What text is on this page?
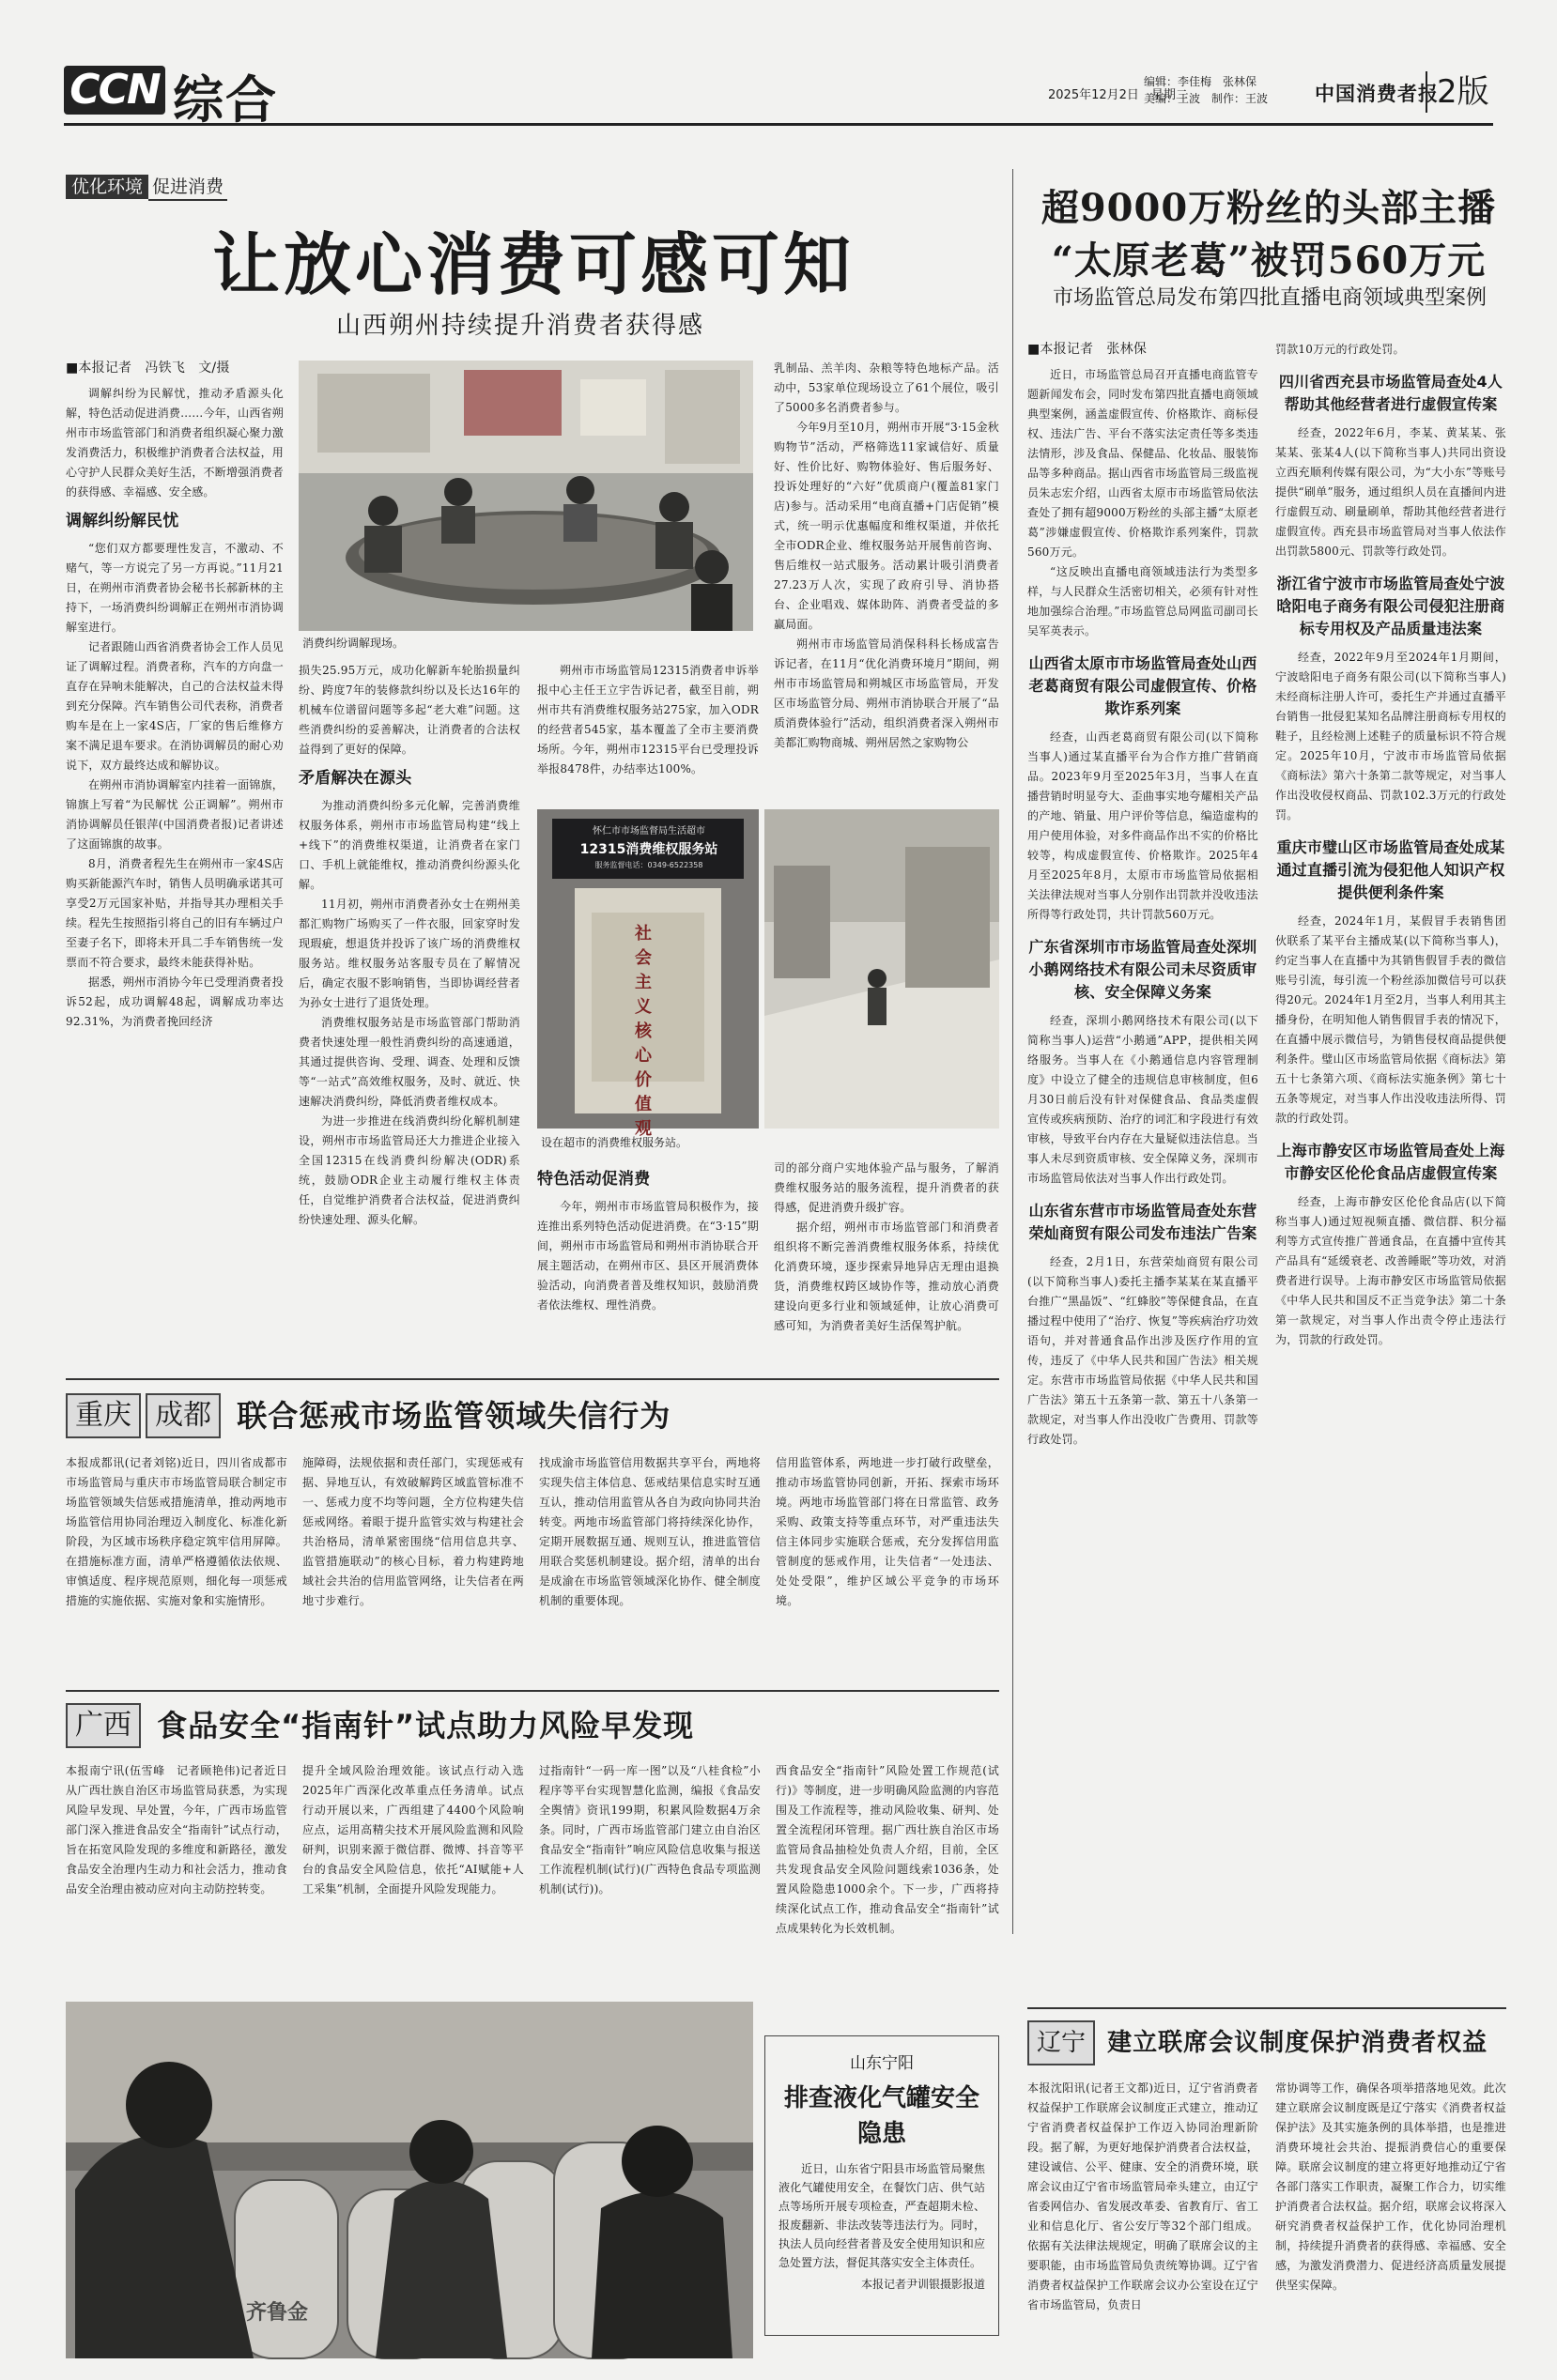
CCN 综合	2025年12月2日　星期二
编辑：李佳梅　张林保
美编：王波　制作：王波 中国消费者报
2版
优化环境 促进消费
让放心消费可感可知
山西朔州持续提升消费者获得感
■本报记者　冯铁飞　文/摄

调解纠纷为民解忧，推动矛盾源头化解，特色活动促进消费……今年，山西省朔州市市场监管部门和消费者组织凝心聚力激发消费活力，积极维护消费者合法权益，用心守护人民群众美好生活，不断增强消费者的获得感、幸福感、安全感。

调解纠纷解民忧

“您们双方都要理性发言，不激动、不赌气，等一方说完了另一方再说。”11月21日，在朔州市消费者协会秘书长郝新林的主持下，一场消费纠纷调解正在朔州市消协调解室进行。

记者跟随山西省消费者协会工作人员见证了调解过程。消费者称，汽车的方向盘一直存在异响未能解决，自己的合法权益未得到充分保障。汽车销售公司代表称，消费者购车是在上一家4S店，厂家的售后维修方案不满足退车要求。在消协调解员的耐心劝说下，双方最终达成和解协议。

在朔州市消协调解室内挂着一面锦旗，锦旗上写着“为民解忧 公正调解”。朔州市消协调解员任银萍(中国消费者报)记者讲述了这面锦旗的故事。

8月，消费者程先生在朔州市一家4S店购买新能源汽车时，销售人员明确承诺其可享受2万元国家补贴，并指导其办理相关手续。程先生按照指引将自己的旧有车辆过户至妻子名下，即将未开具二手车销售统一发票而不符合要求，最终未能获得补贴。

据悉，朔州市消协今年已受理消费者投诉52起，成功调解48起，调解成功率达92.31%，为消费者挽回经济

消费纠纷调解现场。

损失25.95万元，成功化解新车轮胎损量纠纷、跨度7年的装修款纠纷以及长达16年的机械车位谱留问题等多起“老大难”问题。这些消费纠纷的妥善解决，让消费者的合法权益得到了更好的保障。

矛盾解决在源头

为推动消费纠纷多元化解，完善消费维权服务体系，朔州市市场监管局构建“线上+线下”的消费维权渠道，让消费者在家门口、手机上就能维权，推动消费纠纷源头化解。

11月初，朔州市消费者孙女士在朔州美都汇购物广场购买了一件衣服，回家穿时发现瑕疵，想退货并投诉了该广场的消费维权服务站。维权服务站客服专员在了解情况后，确定衣服不影响销售，当即协调经营者为孙女士进行了退货处理。

消费维权服务站是市场监管部门帮助消费者快速处理一般性消费纠纷的高速通道，其通过提供咨询、受理、调查、处理和反馈等“一站式”高效维权服务，及时、就近、快速解决消费纠纷，降低消费者维权成本。

为进一步推进在线消费纠纷化解机制建设，朔州市市场监管局还大力推进企业接入全国12315在线消费纠纷解决(ODR)系统，鼓励ODR企业主动履行维权主体责任，自觉维护消费者合法权益，促进消费纠纷快速处理、源头化解。

朔州市市场监管局12315消费者申诉举报中心主任王立宇告诉记者，截至目前，朔州市共有消费维权服务站275家，加入ODR的经营者545家，基本覆盖了全市主要消费场所。今年，朔州市12315平台已受理投诉举报8478件，办结率达100%。

怀仁市市场监督局生活超市
12315消费维权服务站
服务监督电话：0349-6522358
社会主义核心价值观
设在超市的消费维权服务站。
特色活动促消费

今年，朔州市市场监管局积极作为，接连推出系列特色活动促进消费。在“3·15”期间，朔州市市场监管局和朔州市消协联合开展主题活动，在朔州市区、县区开展消费体验活动，向消费者普及维权知识，鼓励消费者依法维权、理性消费。

乳制品、羔羊肉、杂粮等特色地标产品。活动中，53家单位现场设立了61个展位，吸引了5000多名消费者参与。

今年9月至10月，朔州市开展“3·15金秋购物节”活动，严格筛选11家诚信好、质量好、性价比好、购物体验好、售后服务好、投诉处理好的“六好”优质商户(覆盖81家门店)参与。活动采用“电商直播+门店促销”模式，统一明示优惠幅度和维权渠道，并依托全市ODR企业、维权服务站开展售前咨询、售后维权一站式服务。活动累计吸引消费者27.23万人次，实现了政府引导、消协搭台、企业唱戏、媒体助阵、消费者受益的多赢局面。

朔州市市场监管局消保科科长杨成富告诉记者，在11月“优化消费环境月”期间，朔州市市场监管局和朔城区市场监管局，开发区市场监管分局、朔州市消协联合开展了“品质消费体验行”活动，组织消费者深入朔州市美都汇购物商城、朔州居然之家购物公

司的部分商户实地体验产品与服务，了解消费维权服务站的服务流程，提升消费者的获得感，促进消费升级扩容。

据介绍，朔州市市场监管部门和消费者组织将不断完善消费维权服务体系，持续优化消费环境，逐步探索异地异店无理由退换货，消费维权跨区域协作等，推动放心消费建设向更多行业和领域延伸，让放心消费可感可知，为消费者美好生活保驾护航。

超9000万粉丝的头部主播
“太原老葛”被罚560万元
市场监管总局发布第四批直播电商领域典型案例
■本报记者　张林保

近日，市场监管总局召开直播电商监管专题新闻发布会，同时发布第四批直播电商领域典型案例，涵盖虚假宣传、价格欺诈、商标侵权、违法广告、平台不落实法定责任等多类违法情形，涉及食品、保健品、化妆品、服装饰品等多种商品。据山西省市场监管局三级监视员朱志宏介绍，山西省太原市市场监管局依法查处了拥有超9000万粉丝的头部主播“太原老葛”涉嫌虚假宣传、价格欺诈系列案件，罚款560万元。

“这反映出直播电商领域违法行为类型多样，与人民群众生活密切相关，必须有针对性地加强综合治理。”市场监管总局网监司副司长吴军英表示。

山西省太原市市场监管局查处山西老葛商贸有限公司虚假宣传、价格欺诈系列案

经查，山西老葛商贸有限公司(以下简称当事人)通过某直播平台为合作方推广营销商品。2023年9月至2025年3月，当事人在直播营销时明显夸大、歪曲事实地夸耀相关产品的产地、销量、用户评价等信息，编造虚构的用户使用体验，对多件商品作出不实的价格比较等，构成虚假宣传、价格欺诈。2025年4月至2025年8月，太原市市场监管局依据相关法律法规对当事人分别作出罚款并没收违法所得等行政处罚，共计罚款560万元。

广东省深圳市市场监管局查处深圳小鹅网络技术有限公司未尽资质审核、安全保障义务案

经查，深圳小鹅网络技术有限公司(以下简称当事人)运营“小鹅通”APP，提供相关网络服务。当事人在《小鹅通信息内容管理制度》中设立了健全的违规信息审核制度，但6月30日前后没有针对保健食品、食品类虚假宣传或疾病预防、治疗的词汇和字段进行有效审核，导致平台内存在大量疑似违法信息。当事人未尽到资质审核、安全保障义务，深圳市市场监管局依法对当事人作出行政处罚。

山东省东营市市场监管局查处东营荣灿商贸有限公司发布违法广告案

经查，2月1日，东营荣灿商贸有限公司(以下简称当事人)委托主播李某某在某直播平台推广“黑晶饭”、“红蜂胶”等保健食品，在直播过程中使用了“治疗、恢复”等疾病治疗功效语句，并对普通食品作出涉及医疗作用的宣传，违反了《中华人民共和国广告法》相关规定。东营市市场监管局依据《中华人民共和国广告法》第五十五条第一款、第五十八条第一款规定，对当事人作出没收广告费用、罚款等行政处罚。

罚款10万元的行政处罚。

四川省西充县市场监管局查处4人帮助其他经营者进行虚假宣传案

经查，2022年6月，李某、黄某某、张某某、张某4人(以下简称当事人)共同出资设立西充顺利传媒有限公司，为“大小东”等账号提供“刷单”服务，通过组织人员在直播间内进行虚假互动、刷量刷单，帮助其他经营者进行虚假宣传。西充县市场监管局对当事人依法作出罚款5800元、罚款等行政处罚。

浙江省宁波市市场监管局查处宁波晗阳电子商务有限公司侵犯注册商标专用权及产品质量违法案

经查，2022年9月至2024年1月期间，宁波晗阳电子商务有限公司(以下简称当事人)未经商标注册人许可，委托生产并通过直播平台销售一批侵犯某知名品牌注册商标专用权的鞋子，且经检测上述鞋子的质量标识不符合规定。2025年10月，宁波市市场监管局依据《商标法》第六十条第二款等规定，对当事人作出没收侵权商品、罚款102.3万元的行政处罚。

重庆市璧山区市场监管局查处成某通过直播引流为侵犯他人知识产权提供便利条件案

经查，2024年1月，某假冒手表销售团伙联系了某平台主播成某(以下简称当事人)，约定当事人在直播中为其销售假冒手表的微信账号引流，每引流一个粉丝添加微信号可以获得20元。2024年1月至2月，当事人利用其主播身份，在明知他人销售假冒手表的情况下，在直播中展示微信号，为销售侵权商品提供便利条件。璧山区市场监管局依据《商标法》第五十七条第六项、《商标法实施条例》第七十五条等规定，对当事人作出没收违法所得、罚款的行政处罚。

上海市静安区市场监管局查处上海市静安区伦伦食品店虚假宣传案

经查，上海市静安区伦伦食品店(以下简称当事人)通过短视频直播、微信群、积分福利等方式宣传推广普通食品，在直播中宣传其产品具有“延缓衰老、改善睡眠”等功效，对消费者进行误导。上海市静安区市场监管局依据《中华人民共和国反不正当竞争法》第二十条第一款规定，对当事人作出责令停止违法行为，罚款的行政处罚。

重庆 成都 联合惩戒市场监管领域失信行为
本报成都讯(记者刘铭)近日，四川省成都市市场监管局与重庆市市场监管局联合制定市场监管领域失信惩戒措施清单，推动两地市场监管信用协同治理迈入制度化、标准化新阶段，为区域市场秩序稳定筑牢信用屏障。在措施标准方面，清单严格遵循依法依规、审慎适度、程序规范原则，细化每一项惩戒措施的实施依据、实施对象和实施情形。
施障碍，法规依据和责任部门，实现惩戒有据、异地互认，有效破解跨区域监管标准不一、惩戒力度不均等问题，全方位构建失信惩戒网络。着眼于提升监管实效与构建社会共治格局，清单紧密围绕“信用信息共享、监管措施联动”的核心目标，着力构建跨地域社会共治的信用监管网络，让失信者在两地寸步难行。
找成渝市场监管信用数据共享平台，两地将实现失信主体信息、惩戒结果信息实时互通互认，推动信用监管从各自为政向协同共治转变。两地市场监管部门将持续深化协作，定期开展数据互通、规则互认，推进监管信用联合奖惩机制建设。据介绍，清单的出台是成渝在市场监管领域深化协作、健全制度机制的重要体现。
信用监管体系，两地进一步打破行政壁垒，推动市场监管协同创新，开拓、探索市场环境。两地市场监管部门将在日常监管、政务采购、政策支持等重点环节，对严重违法失信主体同步实施联合惩戒，充分发挥信用监管制度的惩戒作用，让失信者“一处违法、处处受限”，维护区域公平竞争的市场环境。
广西 食品安全“指南针”试点助力风险早发现
本报南宁讯(伍雪峰　记者顾艳伟)记者近日从广西壮族自治区市场监管局获悉，为实现风险早发现、早处置，今年，广西市场监管部门深入推进食品安全“指南针”试点行动，旨在拓宽风险发现的多维度和新路径，激发食品安全治理内生动力和社会活力，推动食品安全治理由被动应对向主动防控转变。
提升全域风险治理效能。该试点行动入选2025年广西深化改革重点任务清单。试点行动开展以来，广西组建了4400个风险响应点，运用高精尖技术开展风险监测和风险研判，识别来源于微信群、微博、抖音等平台的食品安全风险信息，依托“AI赋能+人工采集”机制，全面提升风险发现能力。
过指南针“一码一库一图”以及“八桂食检”小程序等平台实现智慧化监测，编报《食品安全舆情》资讯199期，积累风险数据4万余条。同时，广西市场监管部门建立由自治区食品安全“指南针”响应风险信息收集与报送工作流程机制(试行)(广西特色食品专项监测机制(试行))。
西食品安全“指南针”风险处置工作规范(试行)》等制度，进一步明确风险监测的内容范围及工作流程等，推动风险收集、研判、处置全流程闭环管理。据广西壮族自治区市场监管局食品抽检处负责人介绍，目前，全区共发现食品安全风险问题线索1036条，处置风险隐患1000余个。下一步，广西将持续深化试点工作，推动食品安全“指南针”试点成果转化为长效机制。
齐鲁金
山东宁阳
排查液化气罐安全隐患

近日，山东省宁阳县市场监管局聚焦液化气罐使用安全，在餐饮门店、供气站点等场所开展专项检查，严查超期未检、报废翻新、非法改装等违法行为。同时，执法人员向经营者普及安全使用知识和应急处置方法，督促其落实安全主体责任。

本报记者尹训银摄影报道
辽宁 建立联席会议制度保护消费者权益
本报沈阳讯(记者王文都)近日，辽宁省消费者权益保护工作联席会议制度正式建立，推动辽宁省消费者权益保护工作迈入协同治理新阶段。据了解，为更好地保护消费者合法权益，建设诚信、公平、健康、安全的消费环境，联席会议由辽宁省市场监管局牵头建立，由辽宁省委网信办、省发展改革委、省教育厅、省工业和信息化厅、省公安厅等32个部门组成。依据有关法律法规规定，明确了联席会议的主要职能，由市场监管局负责统筹协调。辽宁省消费者权益保护工作联席会议办公室设在辽宁省市场监管局，负责日
常协调等工作，确保各项举措落地见效。此次建立联席会议制度既是辽宁落实《消费者权益保护法》及其实施条例的具体举措，也是推进消费环境社会共治、提振消费信心的重要保障。联席会议制度的建立将更好地推动辽宁省各部门落实工作职责，凝聚工作合力，切实维护消费者合法权益。据介绍，联席会议将深入研究消费者权益保护工作，优化协同治理机制，持续提升消费者的获得感、幸福感、安全感，为激发消费潜力、促进经济高质量发展提供坚实保障。
